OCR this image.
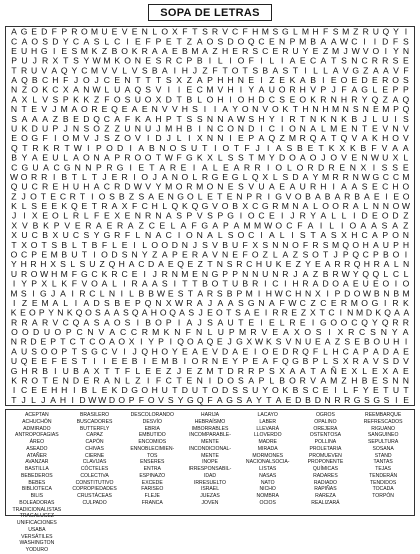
SOPA DE LETRAS
A G E D F P R O M U E V E N L O X F T S R V C F H M S G L M H F S M Z R U Q Y I
C A O S D Y C A S L C I E F P E T Z A O S D O Q C E N P M B A A W C I I D F S
E U H G I E S M K Z B O K R A A E B M A Z H E R S C E R U Y E Z M J W V O I Y N
P U J R X T S Y W M K O N E S R C P B I L I O F I L I A E C A T S N C R R S E
T R U V A Q Y C M V V L V S B A I H J Z F T O T S B A S T I L L A V G Z A A V F
A Q B C H F J O J C E N T T T S X Z A P H H N E I Z E K A B I E O E D E R O S
N Z O K C X A N W L U A Q S V I I E C M V H I Y A U O R H V P J F A G L E P P
A X L V S P K K Z F O S U O X D T B L O H I O H D C S E O K R N H R Y Q Z A Q
N T E V J M A O R E Q E A E N V V H S I I A Y O N V O K T H N H M N S N E M P Q
S A A A Z B E D Q C A F K A H P T S S N N A W S H Y I R T N K N K B J L U I S
U K D U P J N S O Z Z U N U J M H B I N C O N D I C I O N A L M E N T E V N V
E O G F I O M V J S Z O V I D J L I X N N I E P A Q Z M R Q A T Q V A K H O V
Q T R K R T W I P O D I A B N O S U T I O T F J I A S B E T K X K B F V A A
B Y A E U L A O N A P R O O T W F G K X L S S T M Y D O A O J O V E N W U X L
C G U A C G N N P R G I E T A R E I A L E A R R I O L O R D R E N X I S S E
W O R R I B T L T J E R I O J A N O L R G E G L Q X L S D A Y M R R N W G C C M
Q U C R E H U H A C R D W V Y M O R M O N E S V U A E A U R H I A A S E C H O
Z J O T E C R T I O S B Z S A E N G O L E T E N P R I G V O B A B A R B A E I E O
K L S E E K Q E T R A X F C H L Q K Q G V O B X C G R M N A L O O R A L N N O W
J I X E O L R L F E X E N R N A S P V S P G I O C E I J R Y A L L I D E O D Z
X V B K P V E R A E R A Z C E L A F G A P A M M W O C F A I L I O A A S A Z
X U C B X U C S Y G R F L N A C I O N A L S O C I A L I S T A S X H C A P O N
T X O T S B L T B F L E I L O O D N J S V B U F X S N N O F R S M Q O H A U P H
O C P E M B U T I O D S N Y Z A P E R A V N E F O Z L A Z S O T J P Q C P B O I
Y H R H X S L S U Z Q H A C D A E Q E Z T N S R C H U K E Z Y E A R R Q H R A L N
U R O W H M F G C K R C E I J R N M E N G P P N N U N R J A Z B R W Y Q Q L C L
I Y P X L K F V O A L I R A A S I T T B O T U B R I C I H R A D O A E U E O I O
M S I G J A I R C L N I L B B W E S T A R S B P M I H W C H N X I P D O W B N B M
I Z E M A L I A D S B E P Q N X W R A J A A S G N A F W C Z C E R M O G I R K
K E O P Y N K Q O S A A S Q A H O Q A S J E O T S A E I R R E Z X T C I N M D K Q A A
R R A R V C Q A S A O S I B O P I A J S A U T E I E L R E I G O O C Q Y Q R R
O O D U O P C N V A C C R M K N F N L U P M R V E A X O S I X R C S N Y A
N R D E P T C T C O A O X I Y P I Q O A Q E J G X W K S V N U E A Z S E B O U H I
A U S O O P T S G C V I J Q H O Y E A E V D A E I O E D R Q F L H C A P A D A E
U Q E E F E S T I I E E B I E M B I O R N E Y P E A F Q G B P L S X R A V S D V
G H R B I U B A X T T F L E E Z J E Z M T D R R P S X A A T A Ñ E X L E X A E
K R O T E N D E R A N L Z I F C T E N I D O S A P L B O R V A M Z H B E S N N
I C E E H H I B L E K D G O H U T D U T O D S S U Y O K B S C E I L F Y E T U T
T J L J A H I D W W D O P F O V S Y G Q F A G S A Y T A E D B D N R R G S G S I E
ACEPTAN
ACHUCHÓN
ADMIRADO
ANTROPOFAGIAS
ÁREO
ASEADO
ATAÑER
AVANZAR
BASTILLA
BEBEDEROS
BEBES
BIBLIOTECA
BILIS
BOLEADORAS
BRASILERO
BUSCADORES
BUTTERFLY
CAPAZ
CAPÓN
CHIVAS
CIERNE
CLAVIJAS
CÓCTELES
COLECTIVA
CONSTITUTIVO
COPROPIEDADES
CRUSTÁCEAS
CULPADO
DESCOLORANDO
DESVÍO
EBRIA
EMBUTIDO
ENCOMIOS
ENNOBLECIMIEN-
TOS
ENSERES
ENTRA
ESPINAZO
EXCEDE
FARISEO
FLEJE
FRANCA
HARIJA
HEBRAÍSMO
IMBORRABLES
INCOMPARABLE-
MENTE
INCONDICIONAL-
MENTE
INOPE
IRRESPONSABIL-
IDAD
IRRESUELTO
ISRAEL
JUEZAS
JOVEN
LACAYO
LABER
LLEVARÁ
LLOVERDO
MADRE
MIRADA
MORMONES
NACIONALSOCIA-
LISTAS
NASAS
NATO
NICHO
NOMBRA
OCIOS
OGROS
OPALINO
OREJERA
OSTENTOSA
POLLINA
PROLETARIA
PROMUEVEN
PROPONENTE
QUÍMICAS
RADARES
RADIADO
RAPIÑAS
RAREZA
REALIZARÁ
REEMBARQUE
REFRESCADOS
RIGUANO
SANGUINEO
SEPULTURA
SOSANA
STAND
TANTAS
TEJAS
TENDERÁN
TENDIDOS
TOCADA
TORPÓN
TRADICIONALISTAS
TRAGALUCEZ
UNIFICACIONES
USABA
VERSÁTILES
WASHINGTON
YODURO
